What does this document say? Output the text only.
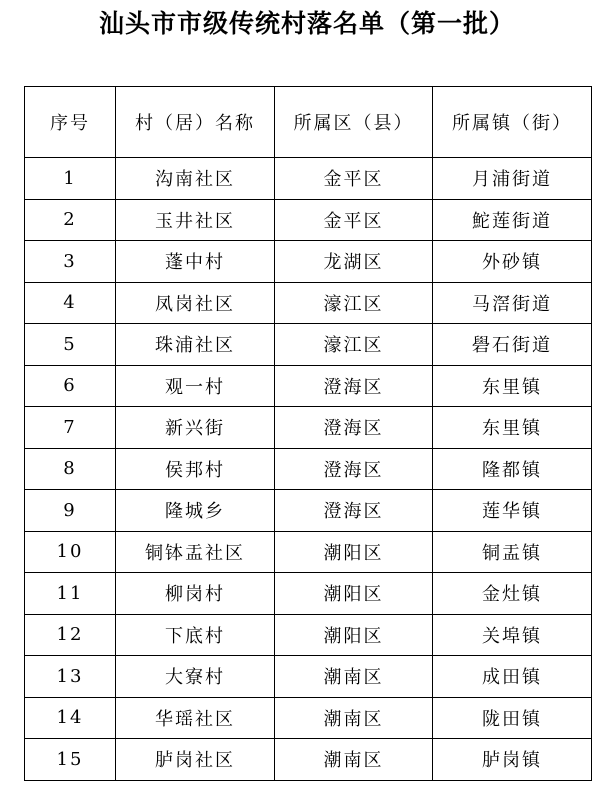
汕头市市级传统村落名单（第一批）
序号	村（居）名称	所属区（县）	所属镇（街）
1	沟南社区	金平区	月浦街道
2	玉井社区	金平区	鮀莲街道
3	蓬中村	龙湖区	外砂镇
4	凤岗社区	濠江区	马滘街道
5	珠浦社区	濠江区	礐石街道
6	观一村	澄海区	东里镇
7	新兴街	澄海区	东里镇
8	侯邦村	澄海区	隆都镇
9	隆城乡	澄海区	莲华镇
10	铜钵盂社区	潮阳区	铜盂镇
11	柳岗村	潮阳区	金灶镇
12	下底村	潮阳区	关埠镇
13	大寮村	潮南区	成田镇
14	华瑶社区	潮南区	陇田镇
15	胪岗社区	潮南区	胪岗镇
